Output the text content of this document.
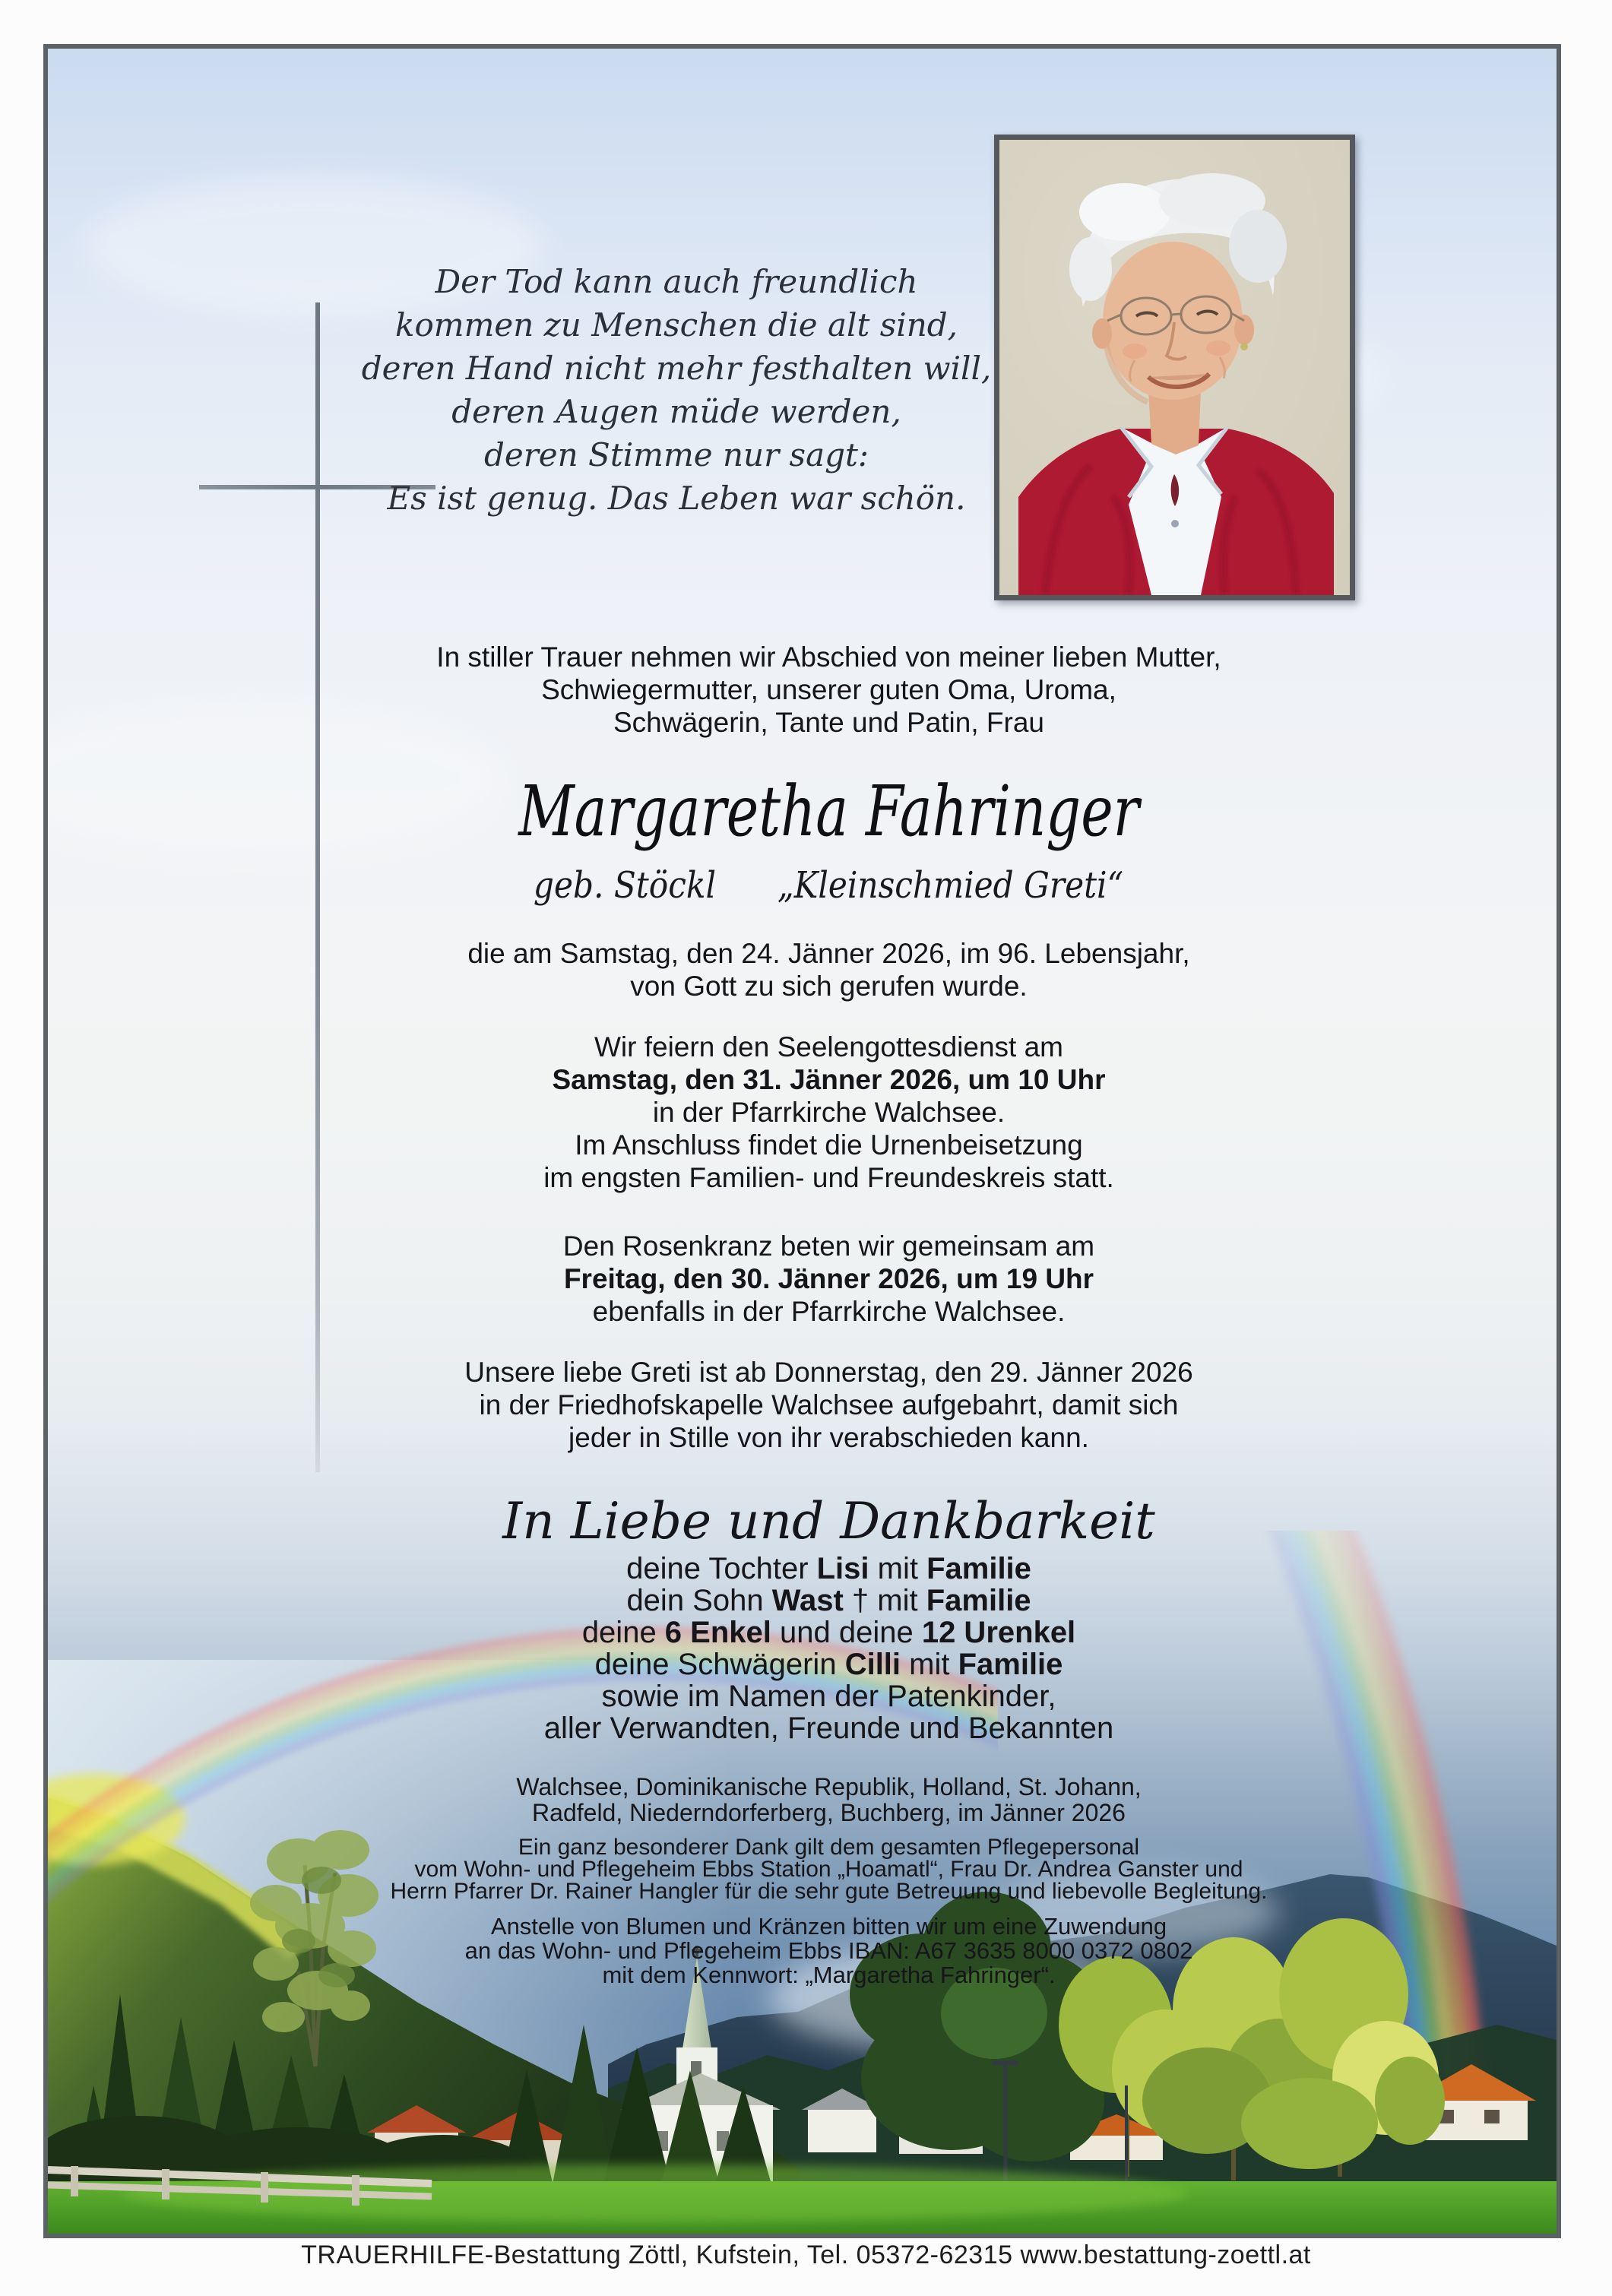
Der Tod kann auch freundlich
kommen zu Menschen die alt sind,
deren Hand nicht mehr festhalten will,
deren Augen müde werden,
deren Stimme nur sagt:
Es ist genug. Das Leben war schön.
In stiller Trauer nehmen wir Abschied von meiner lieben Mutter,
Schwiegermutter, unserer guten Oma, Uroma,
Schwägerin, Tante und Patin, Frau
Margaretha Fahringer
geb. Stöckl „Kleinschmied Greti“
die am Samstag, den 24. Jänner 2026, im 96. Lebensjahr,
von Gott zu sich gerufen wurde.
Wir feiern den Seelengottesdienst am
Samstag, den 31. Jänner 2026, um 10 Uhr
in der Pfarrkirche Walchsee.
Im Anschluss findet die Urnenbeisetzung
im engsten Familien- und Freundeskreis statt.
Den Rosenkranz beten wir gemeinsam am
Freitag, den 30. Jänner 2026, um 19 Uhr
ebenfalls in der Pfarrkirche Walchsee.
Unsere liebe Greti ist ab Donnerstag, den 29. Jänner 2026
in der Friedhofskapelle Walchsee aufgebahrt, damit sich
jeder in Stille von ihr verabschieden kann.
In Liebe und Dankbarkeit
deine Tochter Lisi mit Familie
dein Sohn Wast † mit Familie
deine 6 Enkel und deine 12 Urenkel
deine Schwägerin Cilli mit Familie
sowie im Namen der Patenkinder,
aller Verwandten, Freunde und Bekannten
Walchsee, Dominikanische Republik, Holland, St. Johann,
Radfeld, Niederndorferberg, Buchberg, im Jänner 2026
Ein ganz besonderer Dank gilt dem gesamten Pflegepersonal
vom Wohn- und Pflegeheim Ebbs Station „Hoamatl“, Frau Dr. Andrea Ganster und
Herrn Pfarrer Dr. Rainer Hangler für die sehr gute Betreuung und liebevolle Begleitung.
Anstelle von Blumen und Kränzen bitten wir um eine Zuwendung
an das Wohn- und Pflegeheim Ebbs IBAN: A67 3635 8000 0372 0802
mit dem Kennwort: „Margaretha Fahringer“.
TRAUERHILFE-Bestattung Zöttl, Kufstein, Tel. 05372-62315 www.bestattung-zoettl.at
